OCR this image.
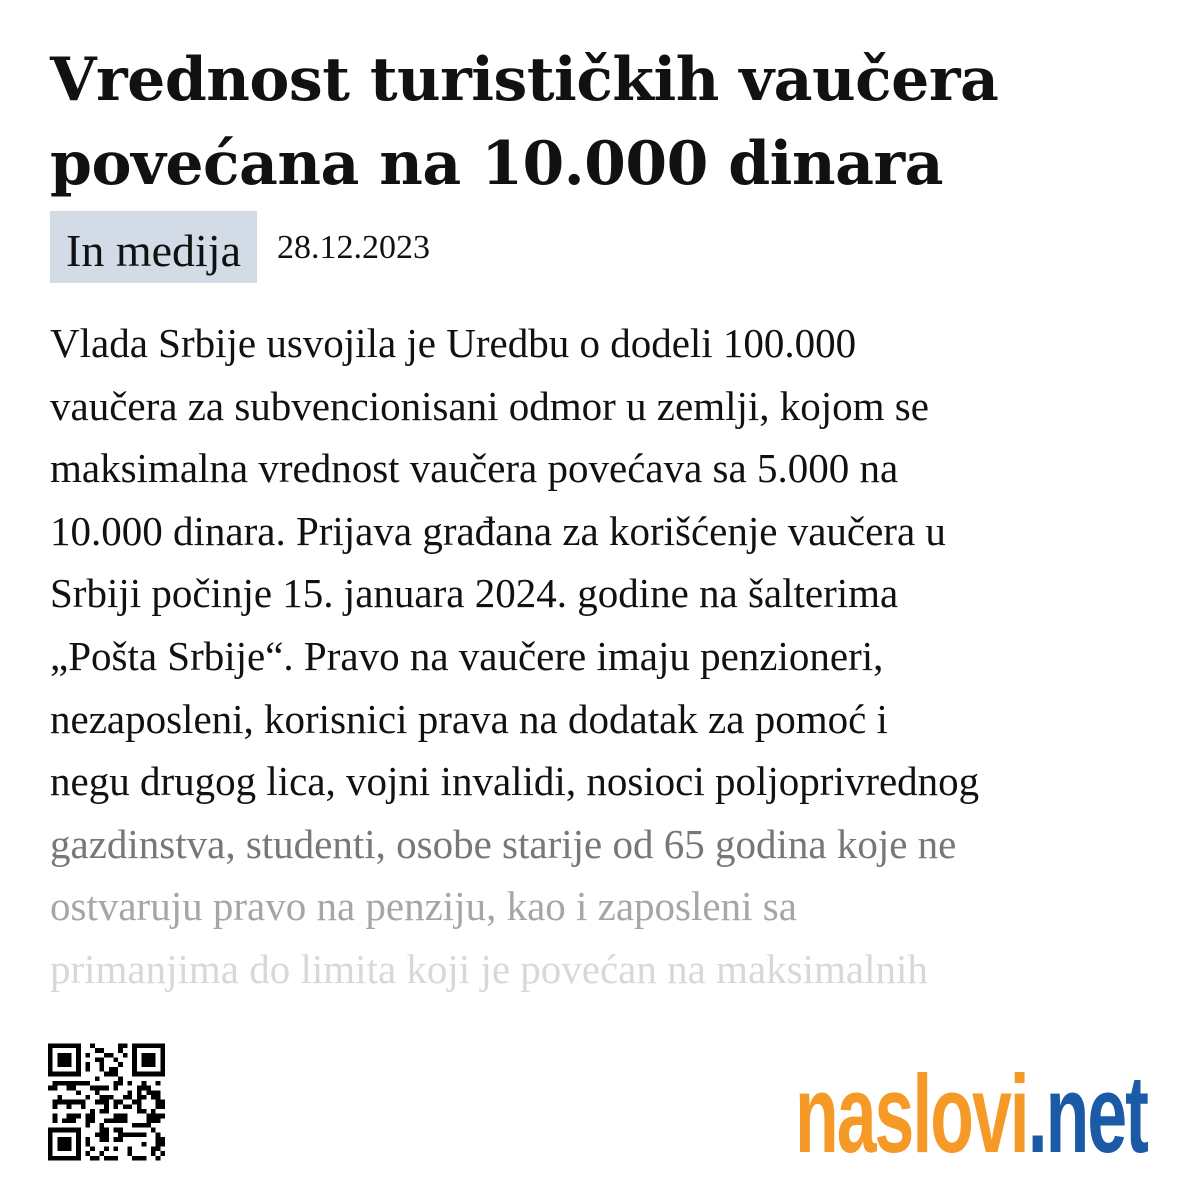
Vrednost turističkih vaučera
povećana na 10.000 dinara
In medija	28.12.2023
Vlada Srbije usvojila je Uredbu o dodeli 100.000
vaučera za subvencionisani odmor u zemlji, kojom se
maksimalna vrednost vaučera povećava sa 5.000 na
10.000 dinara. Prijava građana za korišćenje vaučera u
Srbiji počinje 15. januara 2024. godine na šalterima
„Pošta Srbije“. Pravo na vaučere imaju penzioneri,
nezaposleni, korisnici prava na dodatak za pomoć i
negu drugog lica, vojni invalidi, nosioci poljoprivrednog
gazdinstva, studenti, osobe starije od 65 godina koje ne
ostvaruju pravo na penziju, kao i zaposleni sa
primanjima do limita koji je povećan na maksimalnih
naslovi.net
